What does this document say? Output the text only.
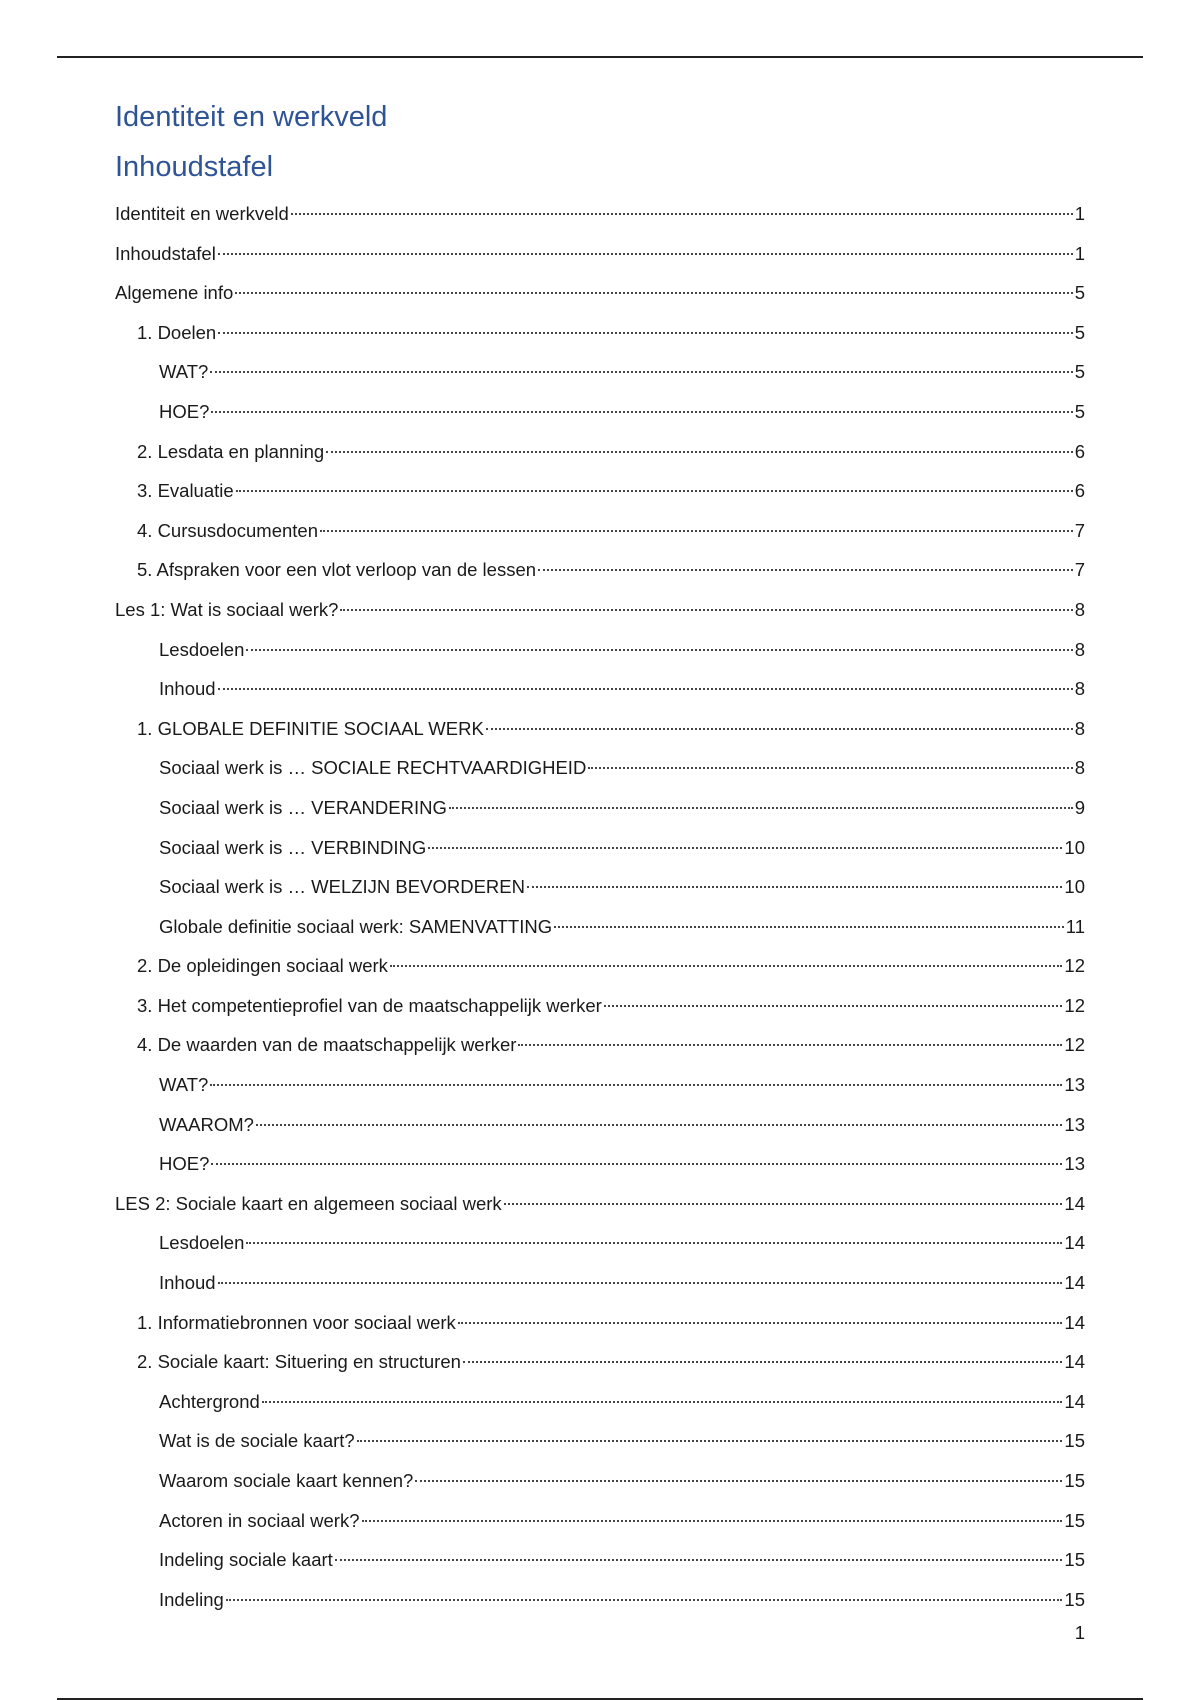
Identiteit en werkveld
Inhoudstafel
Identiteit en werkveld	1
Inhoudstafel	1
Algemene info	5
1. Doelen	5
WAT?	5
HOE?	5
2. Lesdata en planning	6
3. Evaluatie	6
4. Cursusdocumenten	7
5. Afspraken voor een vlot verloop van de lessen	7
Les 1: Wat is sociaal werk?	8
Lesdoelen	8
Inhoud	8
1. GLOBALE DEFINITIE SOCIAAL WERK	8
Sociaal werk is … SOCIALE RECHTVAARDIGHEID	8
Sociaal werk is … VERANDERING	9
Sociaal werk is … VERBINDING	10
Sociaal werk is … WELZIJN BEVORDEREN	10
Globale definitie sociaal werk: SAMENVATTING	11
2. De opleidingen sociaal werk	12
3. Het competentieprofiel van de maatschappelijk werker	12
4. De waarden van de maatschappelijk werker	12
WAT?	13
WAAROM?	13
HOE?	13
LES 2: Sociale kaart en algemeen sociaal werk	14
Lesdoelen	14
Inhoud	14
1. Informatiebronnen voor sociaal werk	14
2. Sociale kaart: Situering en structuren	14
Achtergrond	14
Wat is de sociale kaart?	15
Waarom sociale kaart kennen?	15
Actoren in sociaal werk?	15
Indeling sociale kaart	15
Indeling	15
1
